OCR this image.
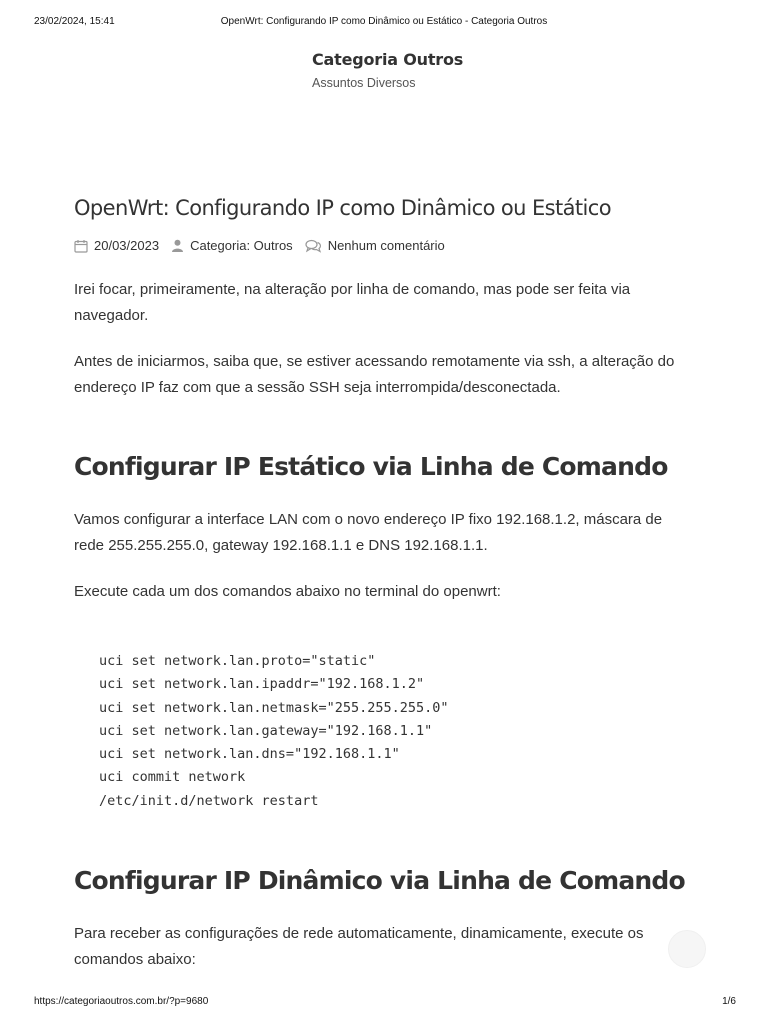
23/02/2024, 15:41	OpenWrt: Configurando IP como Dinâmico ou Estático - Categoria Outros
Categoria Outros
Assuntos Diversos
OpenWrt: Configurando IP como Dinâmico ou Estático
20/03/2023 Categoria: Outros	Nenhum comentário

Irei focar, primeiramente, na alteração por linha de comando, mas pode ser feita via navegador.

Antes de iniciarmos, saiba que, se estiver acessando remotamente via ssh, a alteração do endereço IP faz com que a sessão SSH seja interrompida/desconectada.

Configurar IP Estático via Linha de Comando

Vamos configurar a interface LAN com o novo endereço IP fixo 192.168.1.2, máscara de rede 255.255.255.0, gateway 192.168.1.1 e DNS 192.168.1.1.

Execute cada um dos comandos abaixo no terminal do openwrt:

uci set network.lan.proto="static"
uci set network.lan.ipaddr="192.168.1.2"
uci set network.lan.netmask="255.255.255.0"
uci set network.lan.gateway="192.168.1.1"
uci set network.lan.dns="192.168.1.1"
uci commit network
/etc/init.d/network restart
Configurar IP Dinâmico via Linha de Comando

Para receber as configurações de rede automaticamente, dinamicamente, execute os comandos abaixo:

https://categoriaoutros.com.br/?p=9680	1/6
